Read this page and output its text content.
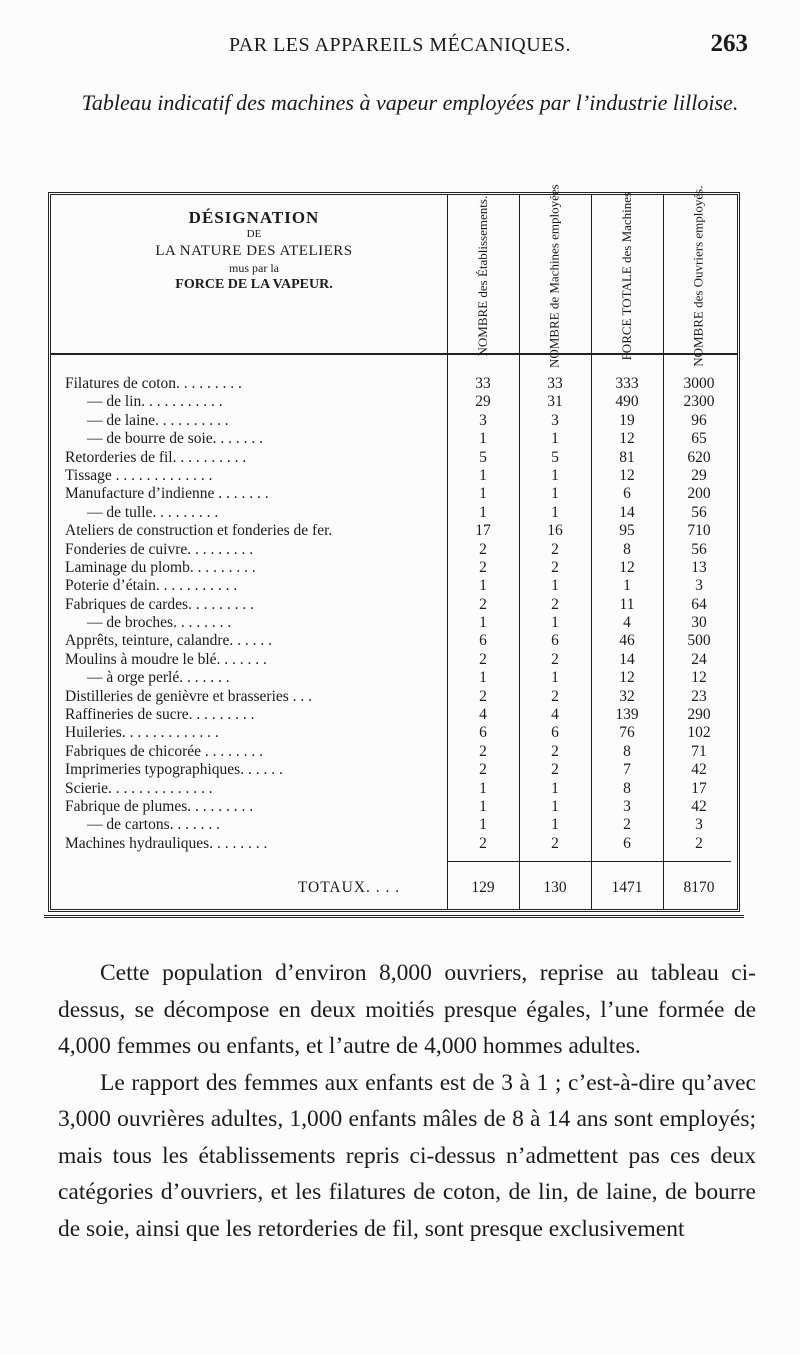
PAR LES APPAREILS MÉCANIQUES.	263
Tableau indicatif des machines à vapeur employées par l’industrie lilloise.
DÉSIGNATION
DE
LA NATURE DES ATELIERS
mus par la
FORCE DE LA VAPEUR.	NOMBRE des Établissements.	NOMBRE de Machines employées	FORCE TOTALE des Machines	NOMBRE des Ouvriers employés.
Filatures de coton. . . . . . . . .	33	33	333	3000
— de lin. . . . . . . . . . .	29	31	490	2300
— de laine. . . . . . . . . .	3	3	19	96
— de bourre de soie. . . . . . .	1	1	12	65
Retorderies de fil. . . . . . . . . .	5	5	81	620
Tissage . . . . . . . . . . . . .	1	1	12	29
Manufacture d’indienne . . . . . . .	1	1	6	200
— de tulle. . . . . . . . .	1	1	14	56
Ateliers de construction et fonderies de fer.	17	16	95	710
Fonderies de cuivre. . . . . . . . .	2	2	8	56
Laminage du plomb. . . . . . . . .	2	2	12	13
Poterie d’étain. . . . . . . . . . .	1	1	1	3
Fabriques de cardes. . . . . . . . .	2	2	11	64
— de broches. . . . . . . .	1	1	4	30
Apprêts, teinture, calandre. . . . . .	6	6	46	500
Moulins à moudre le blé. . . . . . .	2	2	14	24
— à orge perlé. . . . . . .	1	1	12	12
Distilleries de genièvre et brasseries . . .	2	2	32	23
Raffineries de sucre. . . . . . . . .	4	4	139	290
Huileries. . . . . . . . . . . . .	6	6	76	102
Fabriques de chicorée . . . . . . . .	2	2	8	71
Imprimeries typographiques. . . . . .	2	2	7	42
Scierie. . . . . . . . . . . . . .	1	1	8	17
Fabrique de plumes. . . . . . . . .	1	1	3	42
— de cartons. . . . . . .	1	1	2	3
Machines hydrauliques. . . . . . . .	2	2	6	2
TOTAUX. . . .	129	130	1471	8170

Cette population d’environ 8,000 ouvriers, reprise au tableau ci-dessus, se décompose en deux moitiés presque égales, l’une formée de 4,000 femmes ou enfants, et l’autre de 4,000 hommes adultes.

Le rapport des femmes aux enfants est de 3 à 1 ; c’est-à-dire qu’avec 3,000 ouvrières adultes, 1,000 enfants mâles de 8 à 14 ans sont employés; mais tous les établissements repris ci-dessus n’admettent pas ces deux catégories d’ouvriers, et les filatures de coton, de lin, de laine, de bourre de soie, ainsi que les retorderies de fil, sont presque exclusivement
